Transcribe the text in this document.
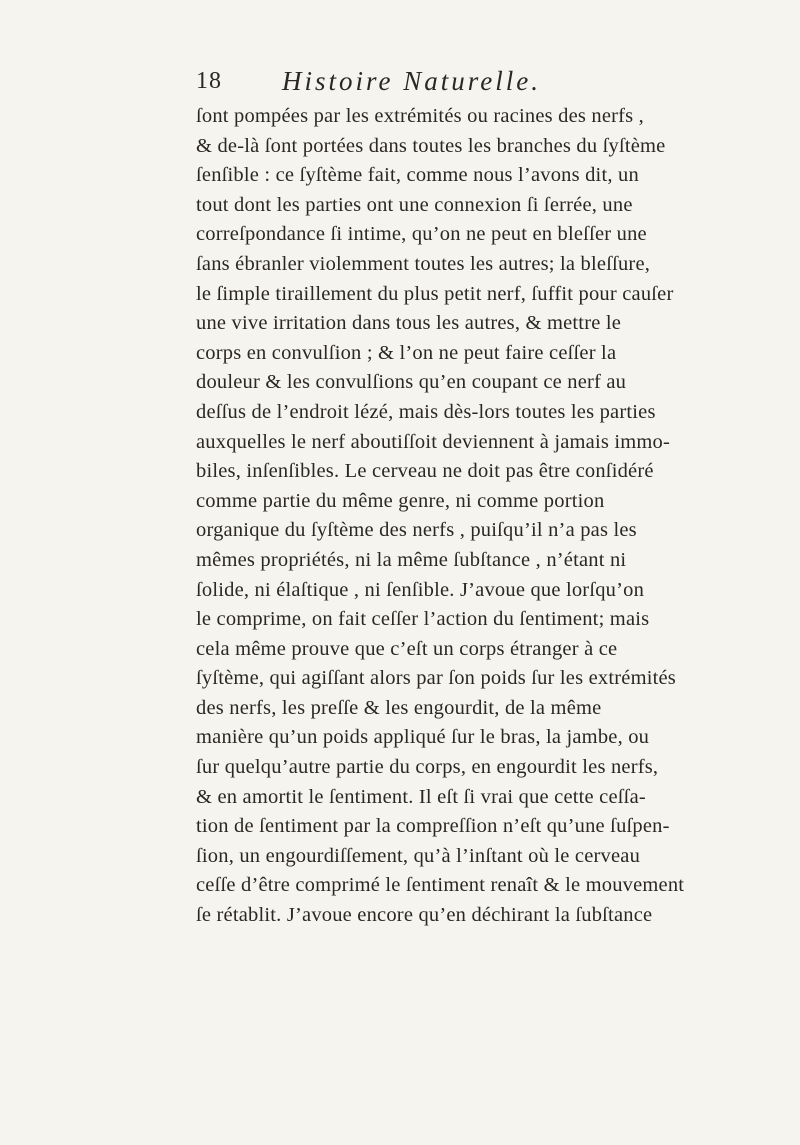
18 Histoire Naturelle.
ſont pompées par les extrémités ou racines des nerfs ,
& de-là ſont portées dans toutes les branches du ſyſtème
ſenſible : ce ſyſtème fait, comme nous l’avons dit, un
tout dont les parties ont une connexion ſi ſerrée, une
correſpondance ſi intime, qu’on ne peut en bleſſer une
ſans ébranler violemment toutes les autres; la bleſſure,
le ſimple tiraillement du plus petit nerf, ſuffit pour cauſer
une vive irritation dans tous les autres, & mettre le
corps en convulſion ; & l’on ne peut faire ceſſer la
douleur & les convulſions qu’en coupant ce nerf au
deſſus de l’endroit lézé, mais dès-lors toutes les parties
auxquelles le nerf aboutiſſoit deviennent à jamais immo-
biles, inſenſibles. Le cerveau ne doit pas être conſidéré
comme partie du même genre, ni comme portion
organique du ſyſtème des nerfs , puiſqu’il n’a pas les
mêmes propriétés, ni la même ſubſtance , n’étant ni
ſolide, ni élaſtique , ni ſenſible. J’avoue que lorſqu’on
le comprime, on fait ceſſer l’action du ſentiment; mais
cela même prouve que c’eſt un corps étranger à ce
ſyſtème, qui agiſſant alors par ſon poids ſur les extrémités
des nerfs, les preſſe & les engourdit, de la même
manière qu’un poids appliqué ſur le bras, la jambe, ou
ſur quelqu’autre partie du corps, en engourdit les nerfs,
& en amortit le ſentiment. Il eſt ſi vrai que cette ceſſa-
tion de ſentiment par la compreſſion n’eſt qu’une ſuſpen-
ſion, un engourdiſſement, qu’à l’inſtant où le cerveau
ceſſe d’être comprimé le ſentiment renaît & le mouvement
ſe rétablit. J’avoue encore qu’en déchirant la ſubſtance
